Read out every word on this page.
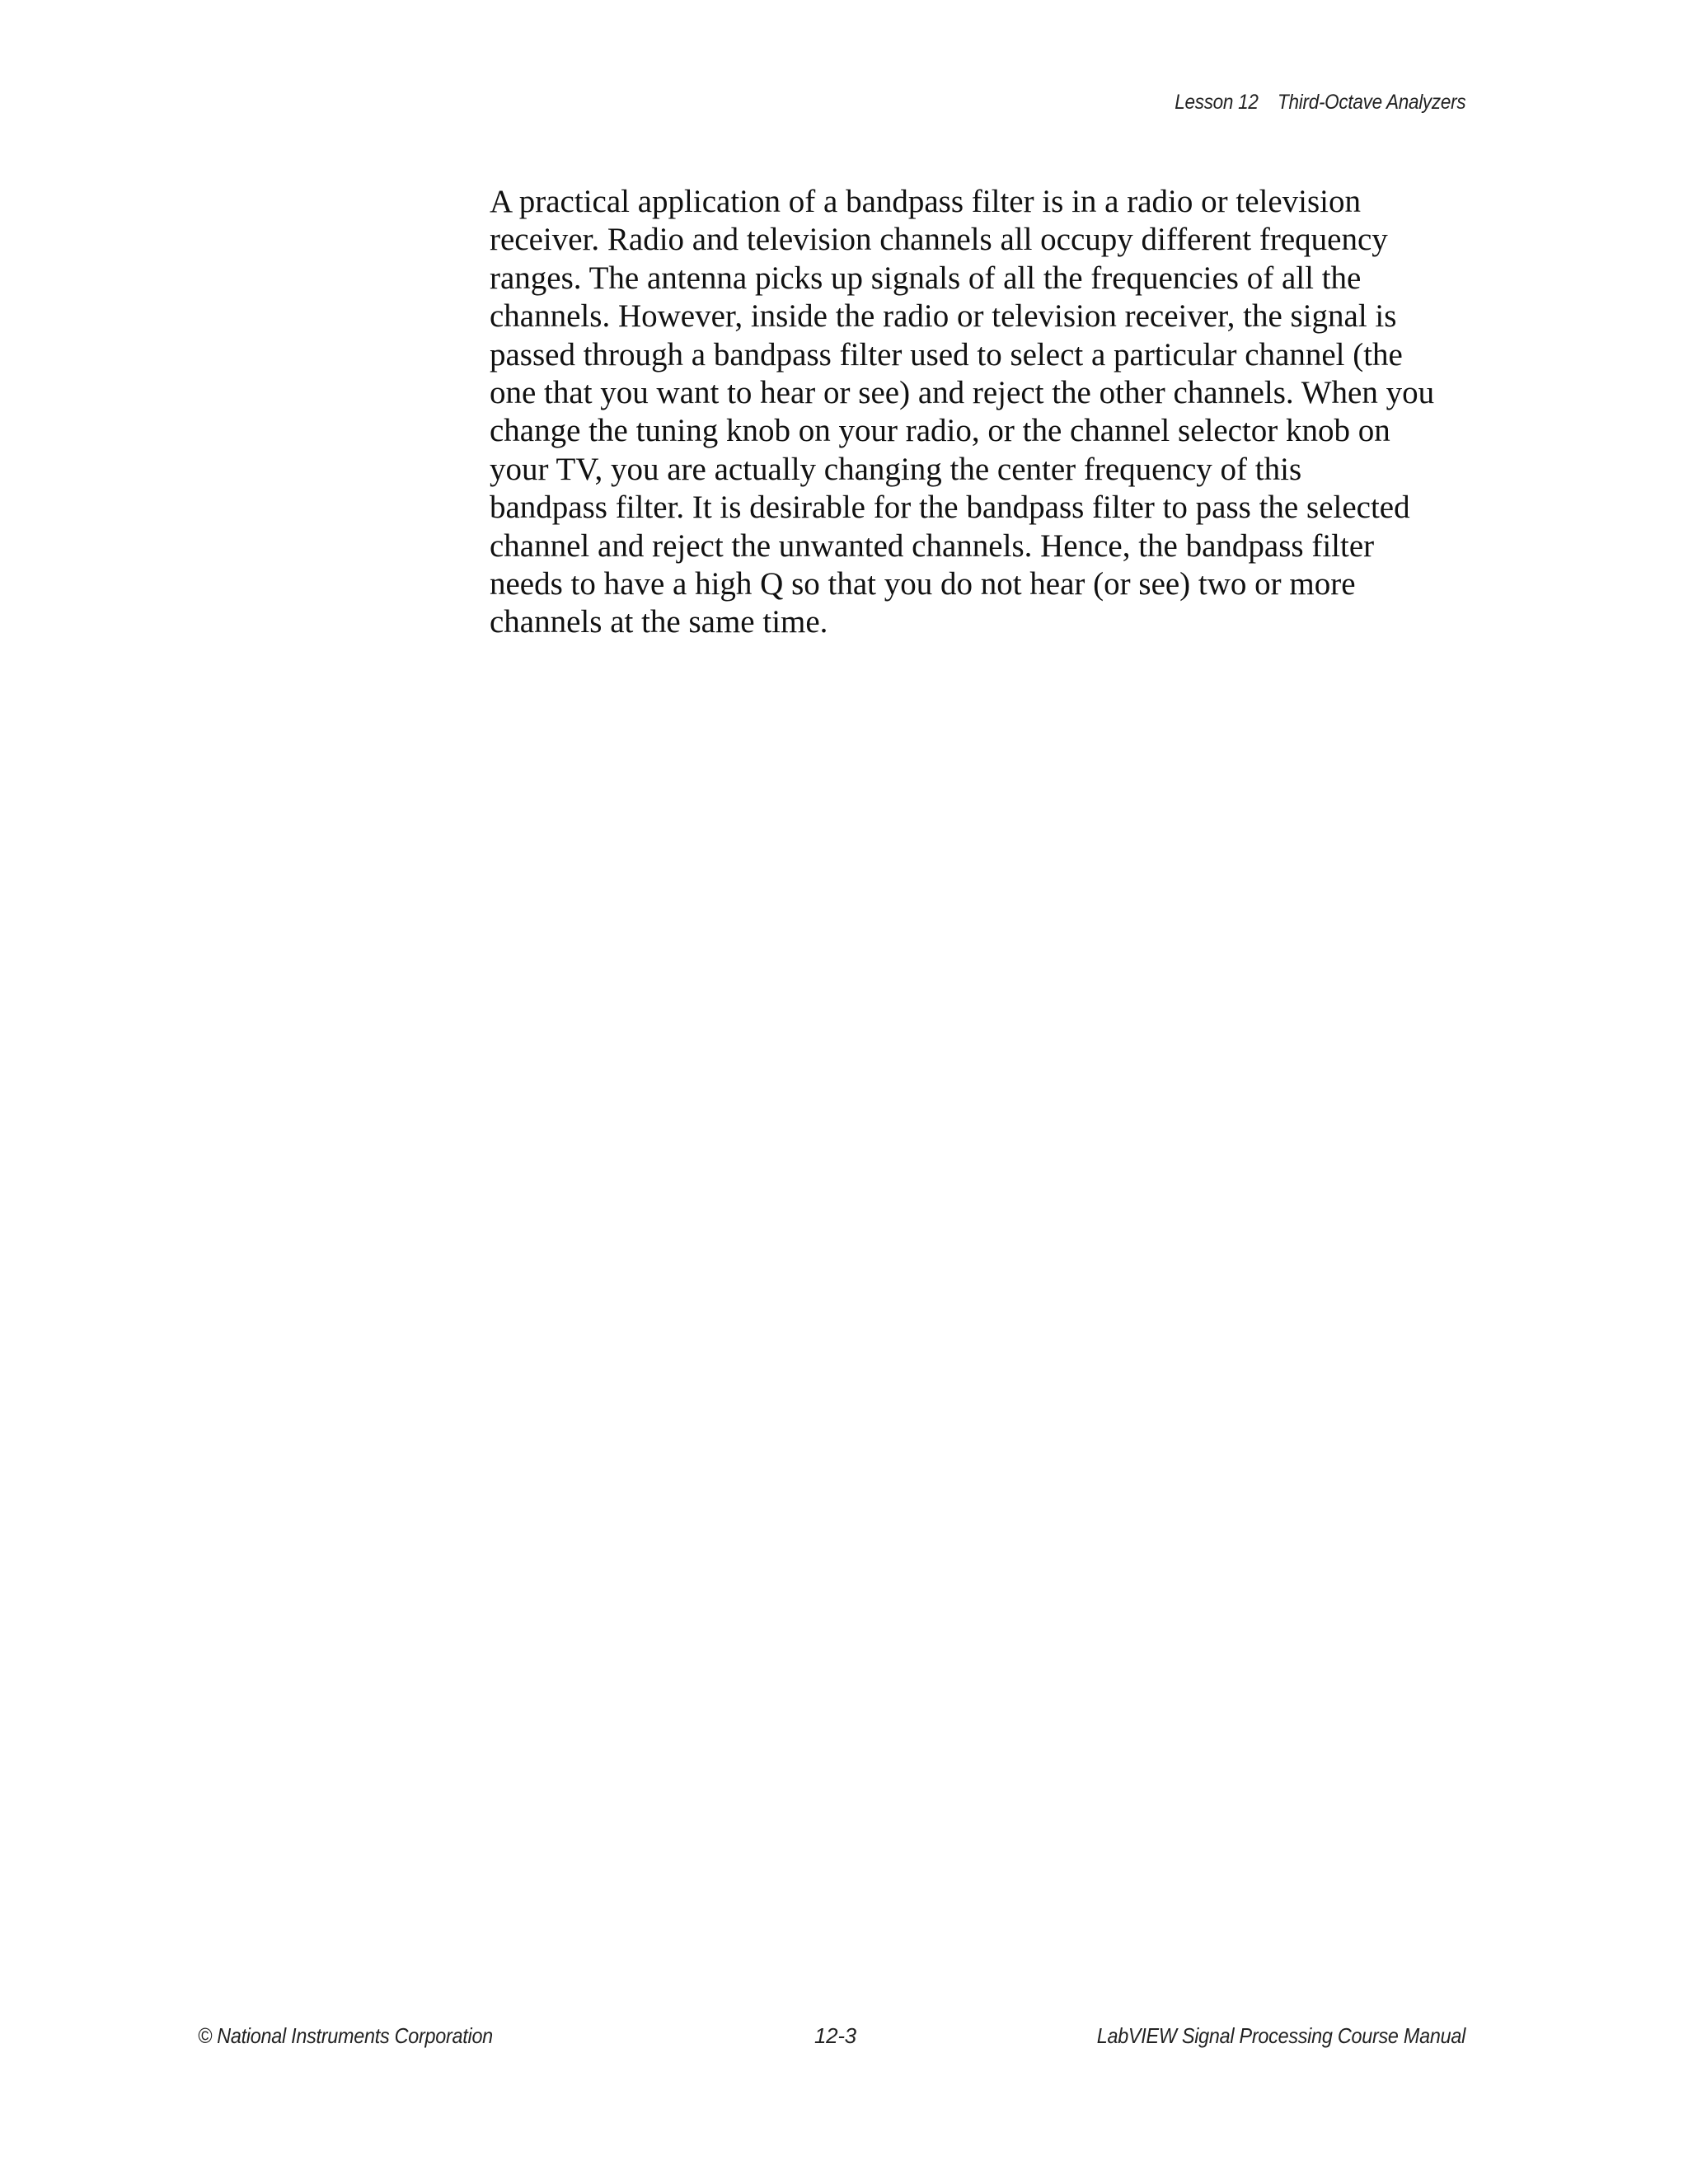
Lesson 12 Third-Octave Analyzers

A practical application of a bandpass filter is in a radio or television
receiver. Radio and television channels all occupy different frequency
ranges. The antenna picks up signals of all the frequencies of all the
channels. However, inside the radio or television receiver, the signal is
passed through a bandpass filter used to select a particular channel (the
one that you want to hear or see) and reject the other channels. When you
change the tuning knob on your radio, or the channel selector knob on
your TV, you are actually changing the center frequency of this
bandpass filter. It is desirable for the bandpass filter to pass the selected
channel and reject the unwanted channels. Hence, the bandpass filter
needs to have a high Q so that you do not hear (or see) two or more
channels at the same time.

© National Instruments Corporation	12-3	LabVIEW Signal Processing Course Manual
